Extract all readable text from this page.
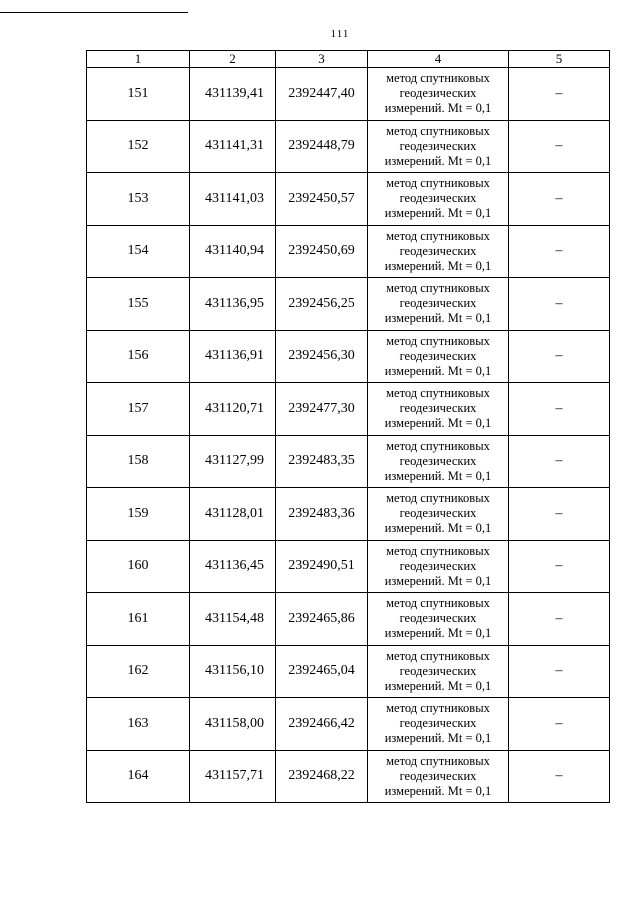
111
1	2	3	4	5
151	431139,41	2392447,40	метод спутниковых
геодезических
измерений. Mt = 0,1	–
152	431141,31	2392448,79	метод спутниковых
геодезических
измерений. Mt = 0,1	–
153	431141,03	2392450,57	метод спутниковых
геодезических
измерений. Mt = 0,1	–
154	431140,94	2392450,69	метод спутниковых
геодезических
измерений. Mt = 0,1	–
155	431136,95	2392456,25	метод спутниковых
геодезических
измерений. Mt = 0,1	–
156	431136,91	2392456,30	метод спутниковых
геодезических
измерений. Mt = 0,1	–
157	431120,71	2392477,30	метод спутниковых
геодезических
измерений. Mt = 0,1	–
158	431127,99	2392483,35	метод спутниковых
геодезических
измерений. Mt = 0,1	–
159	431128,01	2392483,36	метод спутниковых
геодезических
измерений. Mt = 0,1	–
160	431136,45	2392490,51	метод спутниковых
геодезических
измерений. Mt = 0,1	–
161	431154,48	2392465,86	метод спутниковых
геодезических
измерений. Mt = 0,1	–
162	431156,10	2392465,04	метод спутниковых
геодезических
измерений. Mt = 0,1	–
163	431158,00	2392466,42	метод спутниковых
геодезических
измерений. Mt = 0,1	–
164	431157,71	2392468,22	метод спутниковых
геодезических
измерений. Mt = 0,1	–
